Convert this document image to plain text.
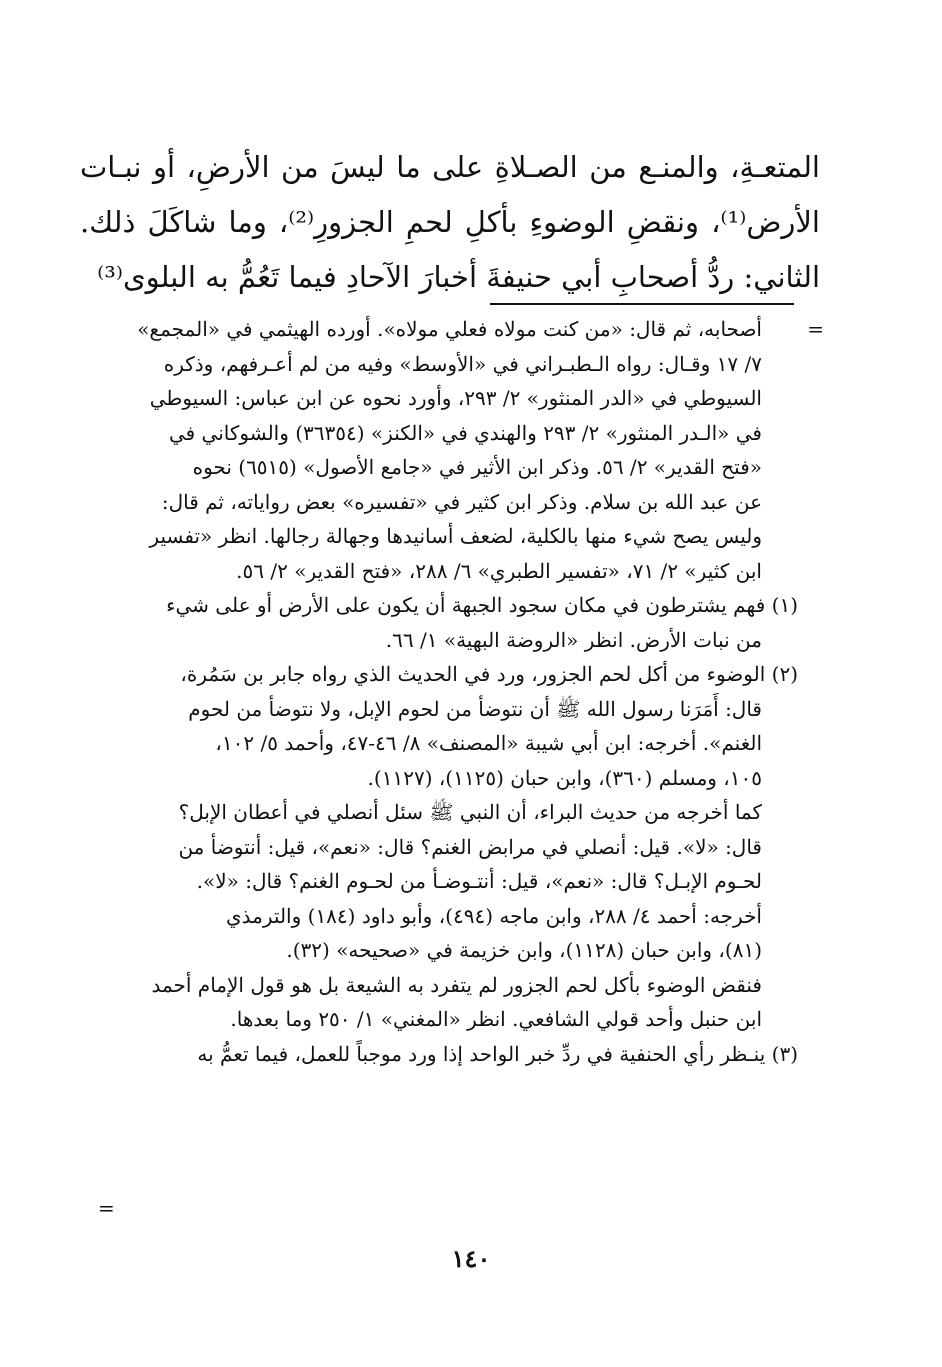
المتعـةِ، والمنـع من الصـلاةِ على ما ليسَ من الأرضِ، أو نبـات
الأرض⁽¹⁾، ونقضِ الوضوءِ بأكلِ لحمِ الجزورِ⁽²⁾، وما شاكَلَ ذلك.
الثاني: ردُّ أصحابِ أبي حنيفةَ أخبارَ الآحادِ فيما تَعُمُّ به البلوى⁽³⁾
=
أصحابه، ثم قال: «من كنت مولاه فعلي مولاه». أورده الهيثمي في «المجمع»
٧/ ١٧ وقـال: رواه الـطبـراني في «الأوسط» وفيه من لم أعـرفهم، وذكره
السيوطي في «الدر المنثور» ٢/ ٢٩٣، وأورد نحوه عن ابن عباس: السيوطي
في «الـدر المنثور» ٢/ ٢٩٣ والهندي في «الكنز» (٣٦٣٥٤) والشوكاني في
«فتح القدير» ٢/ ٥٦. وذكر ابن الأثير في «جامع الأصول» (٦٥١٥) نحوه
عن عبد الله بن سلام. وذكر ابن كثير في «تفسيره» بعض رواياته، ثم قال:
وليس يصح شيء منها بالكلية، لضعف أسانيدها وجهالة رجالها. انظر «تفسير
ابن كثير» ٢/ ٧١، «تفسير الطبري» ٦/ ٢٨٨، «فتح القدير» ٢/ ٥٦.
(١) فهم يشترطون في مكان سجود الجبهة أن يكون على الأرض أو على شيء
من نبات الأرض. انظر «الروضة البهية» ١/ ٦٦.
(٢) الوضوء من أكل لحم الجزور، ورد في الحديث الذي رواه جابر بن سَمُرة،
قال: أَمَرَنا رسول الله ﷺ أن نتوضأ من لحوم الإبل، ولا نتوضأ من لحوم
الغنم». أخرجه: ابن أبي شيبة «المصنف» ٨/ ٤٦-٤٧، وأحمد ٥/ ١٠٢،
١٠٥، ومسلم (٣٦٠)، وابن حبان (١١٢٥)، (١١٢٧).
كما أخرجه من حديث البراء، أن النبي ﷺ سئل أنصلي في أعطان الإبل؟
قال: «لا». قيل: أنصلي في مرابض الغنم؟ قال: «نعم»، قيل: أنتوضأ من
لحـوم الإبـل؟ قال: «نعم»، قيل: أنتـوضـأ من لحـوم الغنم؟ قال: «لا».
أخرجه: أحمد ٤/ ٢٨٨، وابن ماجه (٤٩٤)، وأبو داود (١٨٤) والترمذي
(٨١)، وابن حبان (١١٢٨)، وابن خزيمة في «صحيحه» (٣٢).
فنقض الوضوء بأكل لحم الجزور لم يتفرد به الشيعة بل هو قول الإمام أحمد
ابن حنبل وأحد قولي الشافعي. انظر «المغني» ١/ ٢٥٠ وما بعدها.
(٣) ينـظر رأي الحنفية في ردِّ خبر الواحد إذا ورد موجباً للعمل، فيما تعمُّ به
=
١٤٠
